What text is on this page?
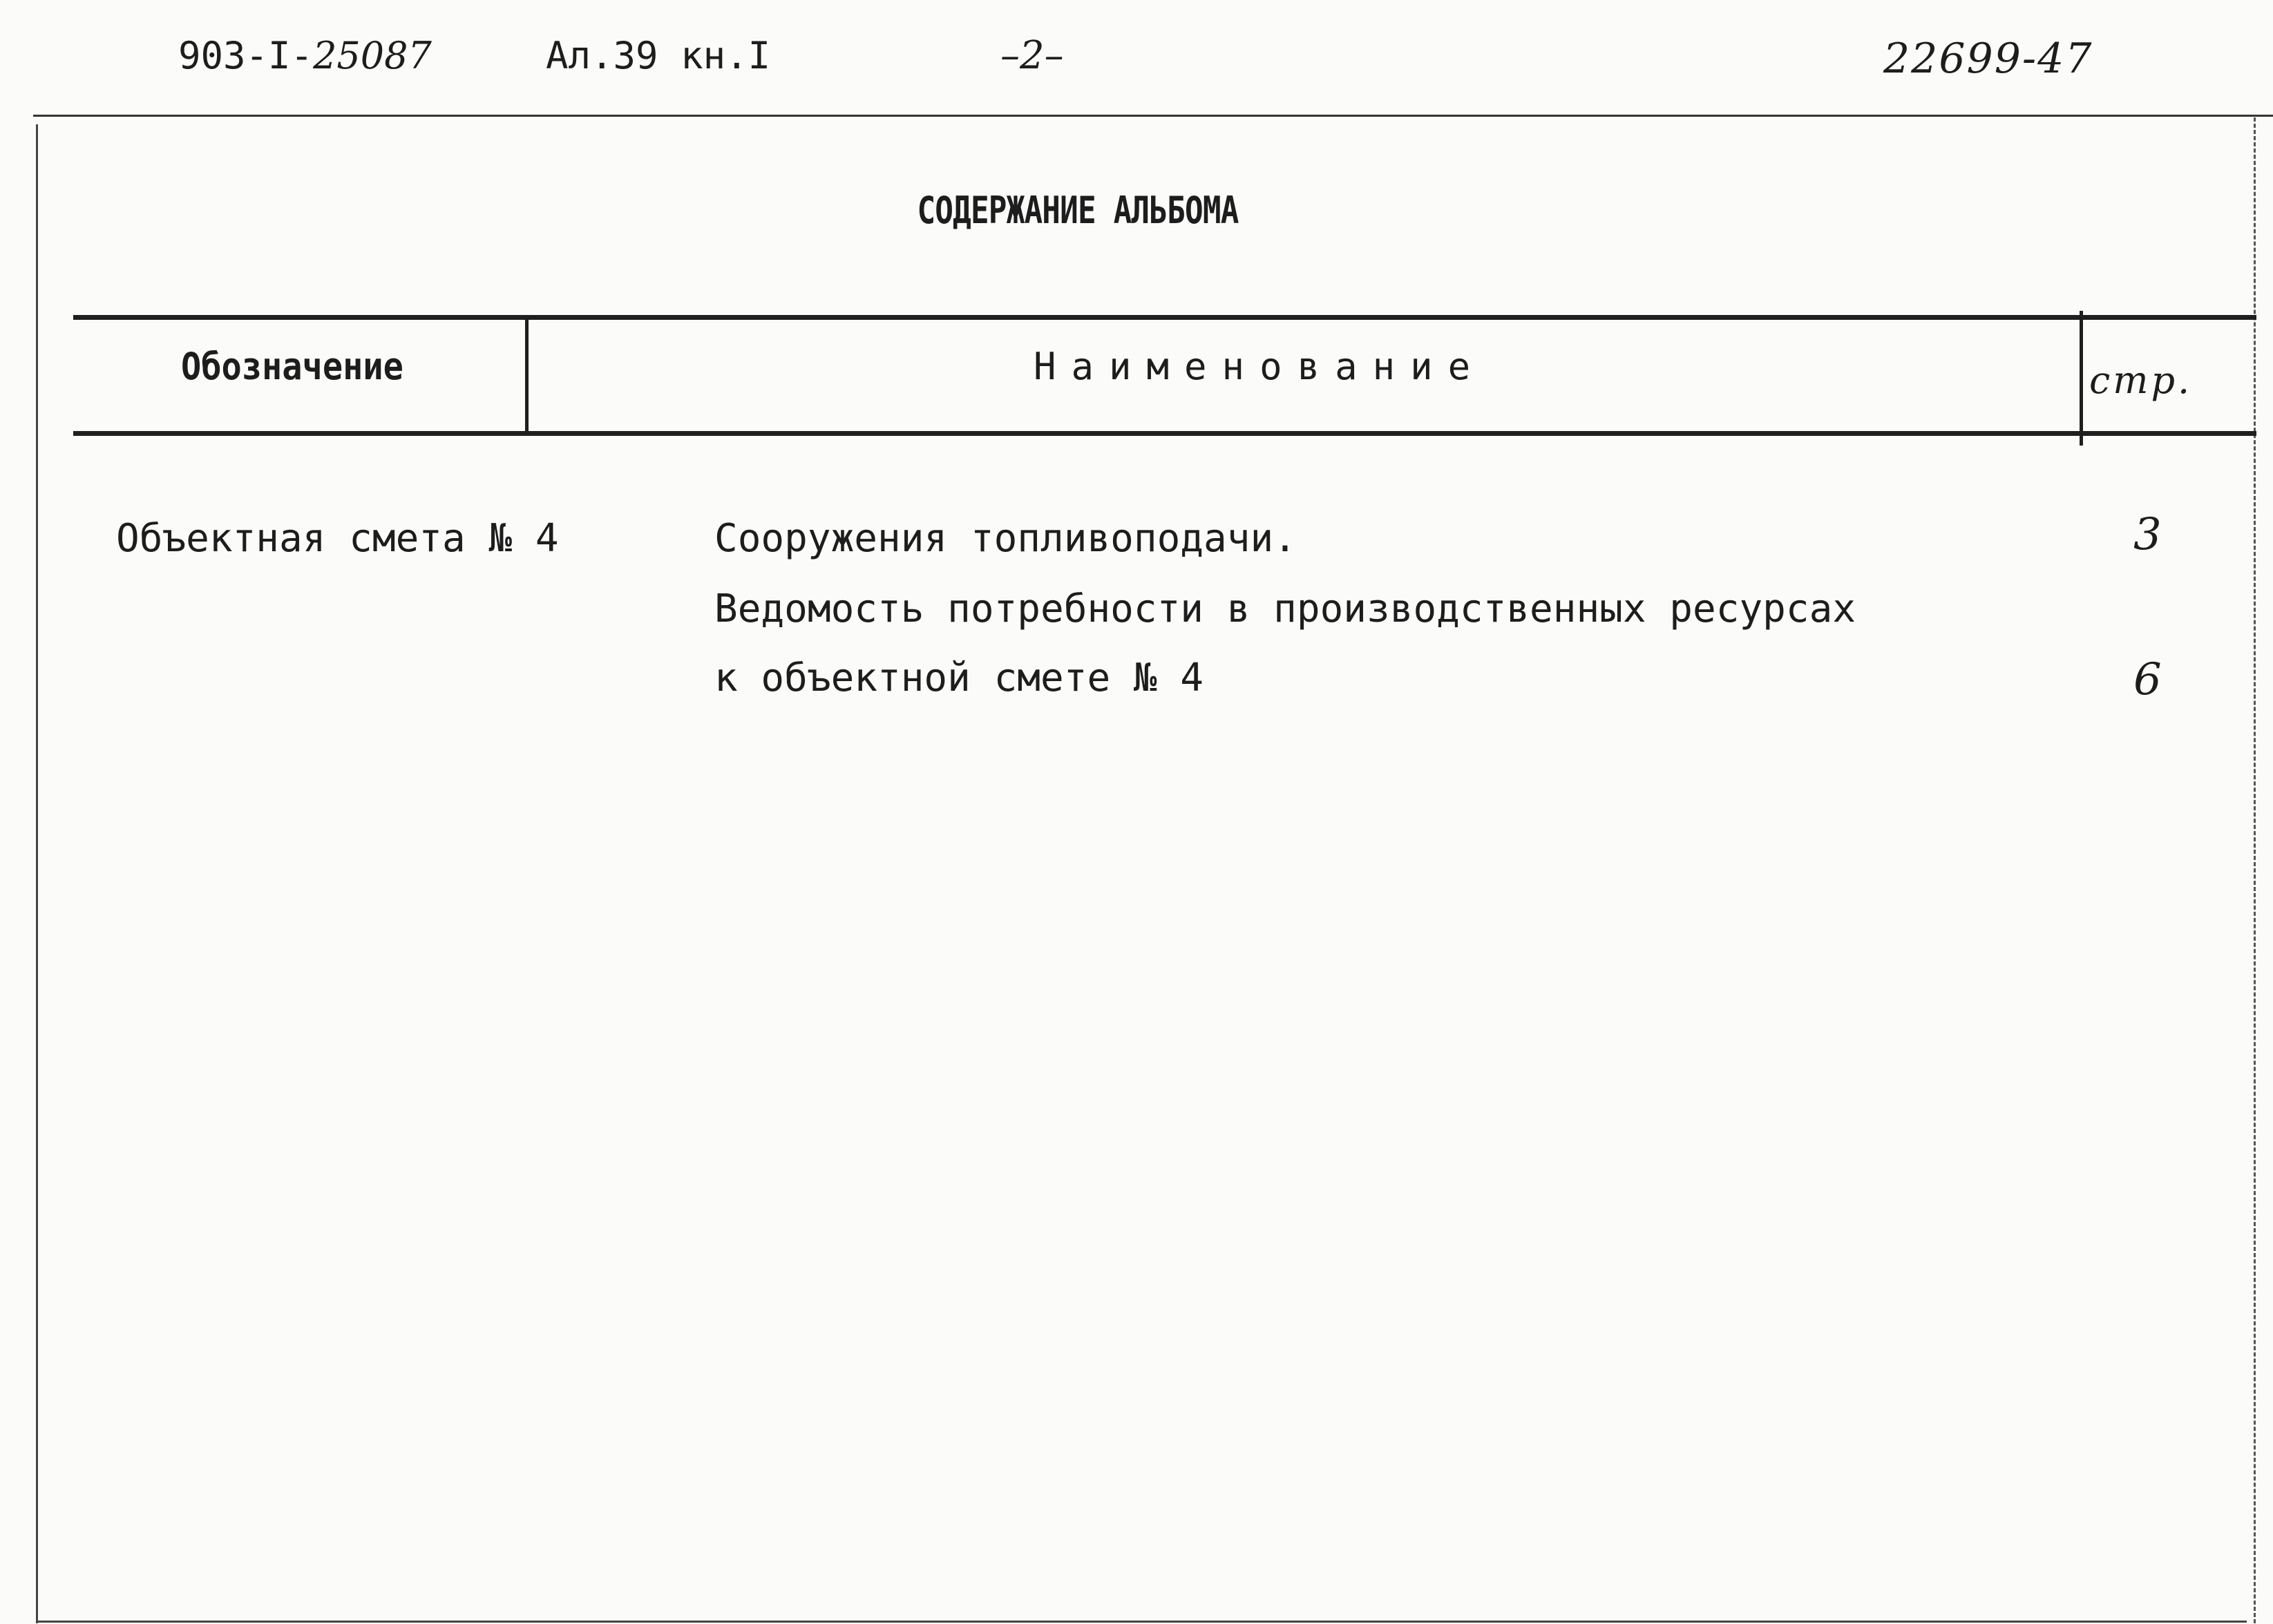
903-I-25087	Ал.39 кн.I	–2–	22699-47
СОДЕРЖАНИЕ АЛЬБОМА
Обозначение	Наименование	стр.
Объектная смета № 4	Сооружения топливоподачи.	3
Ведомость потребности в производственных ресурсах
к объектной смете № 4	6
